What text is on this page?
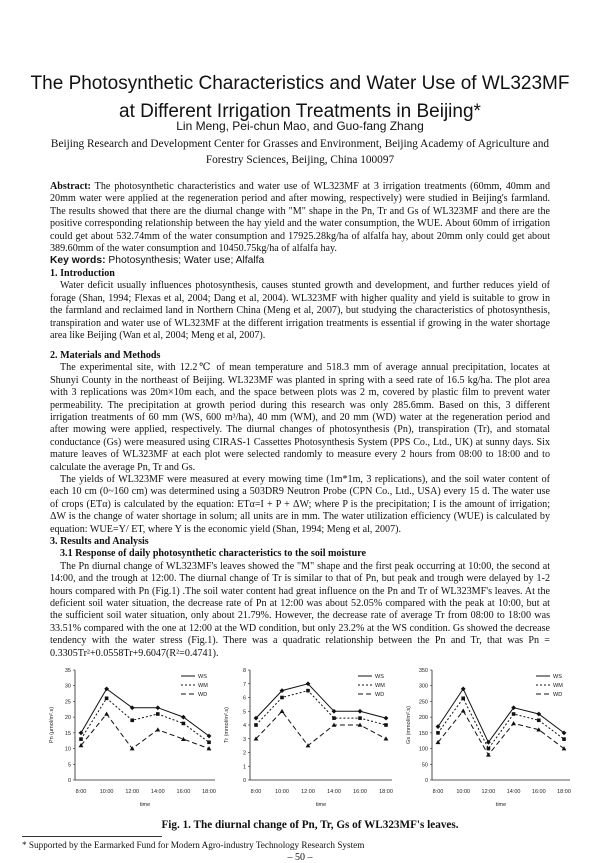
The Photosynthetic Characteristics and Water Use of WL323MF at Different Irrigation Treatments in Beijing*
Lin Meng, Pei-chun Mao, and Guo-fang Zhang
Beijing Research and Development Center for Grasses and Environment, Beijing Academy of Agriculture and Forestry Sciences, Beijing, China 100097

Abstract: The photosynthetic characteristics and water use of WL323MF at 3 irrigation treatments (60mm, 40mm and 20mm water were applied at the regeneration period and after mowing, respectively) were studied in Beijing's farmland. The results showed that there are the diurnal change with "M" shape in the Pn, Tr and Gs of WL323MF and there are the positive corresponding relationship between the hay yield and the water consumption, the WUE. About 60mm of irrigation could get about 532.74mm of the water consumption and 17925.28kg/ha of alfalfa hay, about 20mm only could get about 389.60mm of the water consumption and 10450.75kg/ha of alfalfa hay.

Key words: Photosynthesis; Water use; Alfalfa

1. Introduction

Water deficit usually influences photosynthesis, causes stunted growth and development, and further reduces yield of forage (Shan, 1994; Flexas et al, 2004; Dang et al, 2004). WL323MF with higher quality and yield is suitable to grow in the farmland and reclaimed land in Northern China (Meng et al, 2007), but studying the characteristics of photosynthesis, transpiration and water use of WL323MF at the different irrigation treatments is essential if growing in the water shortage area like Beijing (Wan et al, 2004; Meng et al, 2007).

2. Materials and Methods

The experimental site, with 12.2℃ of mean temperature and 518.3 mm of average annual precipitation, locates at Shunyi County in the northeast of Beijing. WL323MF was planted in spring with a seed rate of 16.5 kg/ha. The plot area with 3 replications was 20m×10m each, and the space between plots was 2 m, covered by plastic film to prevent water permeability. The precipitation at growth period during this research was only 285.6mm. Based on this, 3 different irrigation treatments of 60 mm (WS, 600 m³/ha), 40 mm (WM), and 20 mm (WD) water at the regeneration period and after mowing were applied, respectively. The diurnal changes of photosynthesis (Pn), transpiration (Tr), and stomatal conductance (Gs) were measured using CIRAS-1 Cassettes Photosynthesis System (PPS Co., Ltd., UK) at sunny days. Six mature leaves of WL323MF at each plot were selected randomly to measure every 2 hours from 08:00 to 18:00 and to calculate the average Pn, Tr and Gs.

The yields of WL323MF were measured at every mowing time (1m*1m, 3 replications), and the soil water content of each 10 cm (0~160 cm) was determined using a 503DR9 Neutron Probe (CPN Co., Ltd., USA) every 15 d. The water use of crops (ETα) is calculated by the equation: ETα=I + P + ΔW; where P is the precipitation; I is the amount of irrigation; ΔW is the change of water shortage in solum; all units are in mm. The water utilization efficiency (WUE) is calculated by equation: WUE=Y/ ET, where Y is the economic yield (Shan, 1994; Meng et al, 2007).

3. Results and Analysis
3.1 Response of daily photosynthetic characteristics to the soil moisture

The Pn diurnal change of WL323MF's leaves showed the "M" shape and the first peak occurring at 10:00, the second at 14:00, and the trough at 12:00. The diurnal change of Tr is similar to that of Pn, but peak and trough were delayed by 1-2 hours compared with Pn (Fig.1) .The soil water content had great influence on the Pn and Tr of WL323MF's leaves. At the deficient soil water situation, the decrease rate of Pn at 12:00 was about 52.05% compared with the peak at 10:00, but at the sufficient soil water situation, only about 21.79%. However, the decrease rate of average Tr from 08:00 to 18:00 was 33.51% compared with the one at 12:00 at the WD condition, but only 23.2% at the WS condition. Gs showed the decrease tendency with the water stress (Fig.1). There was a quadratic relationship between the Pn and Tr, that was Pn = 0.3305Tr²+0.0558Tr+9.6047(R²=0.4741).

0
5
10
15
20
25
30
35
8:00 10:00 12:00 14:00 16:00 18:00
time
Pn (μmol/m².s)
WS
WM
WD
0
1
2
3
4
5
6
7
8
8:00	10:00 12:00 14:00 16:00 18:00
time
Tr (mmol/m².s)
WS
WM
WD
0
50
100
150
200
250
300
350
8:00 10:00 12:00 14:00 16:00 18:00
time
Gs (mmol/m².s)
WS
WM
WD
Fig. 1. The diurnal change of Pn, Tr, Gs of WL323MF's leaves.
* Supported by the Earmarked Fund for Modern Agro-industry Technology Research System
– 50 –
